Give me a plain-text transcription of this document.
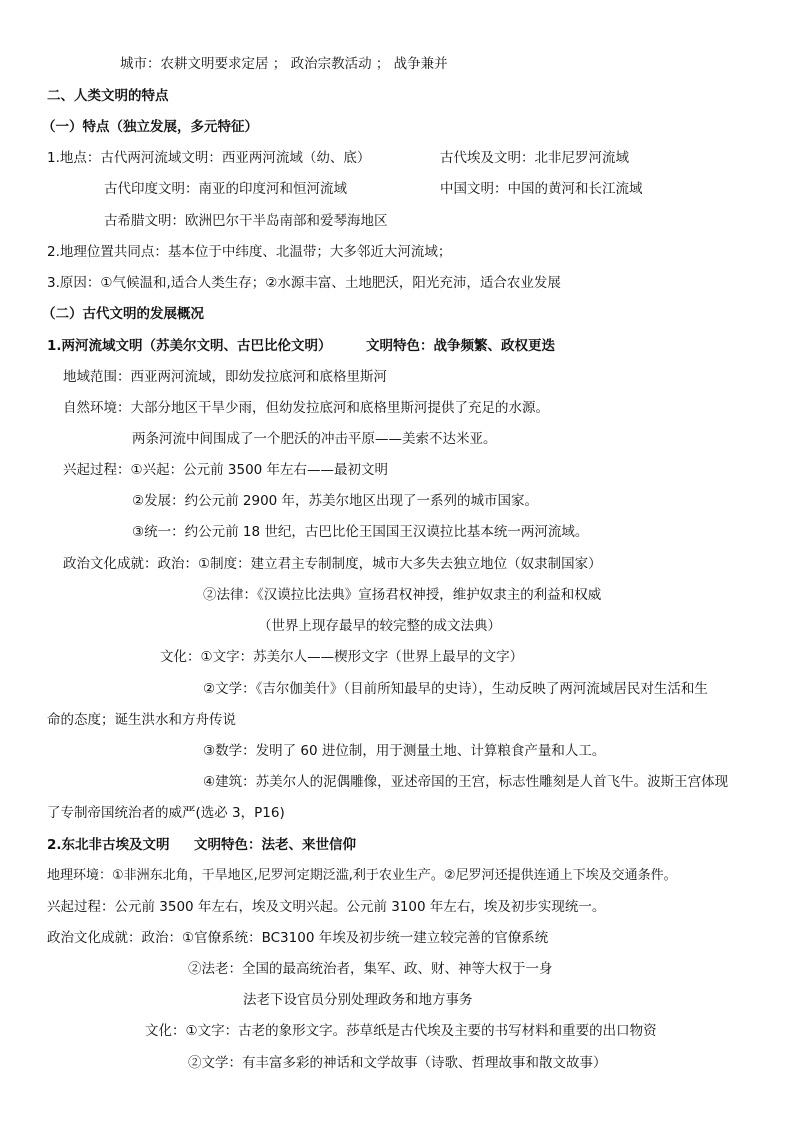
城市：农耕文明要求定居 ； 政治宗教活动 ； 战争兼并
二、人类文明的特点
（一）特点（独立发展，多元特征）
1.地点：古代两河流域文明：西亚两河流域（幼、底）	古代埃及文明：北非尼罗河流域
古代印度文明：南亚的印度河和恒河流域	中国文明：中国的黄河和长江流域
古希腊文明：欧洲巴尔干半岛南部和爱琴海地区
2.地理位置共同点：基本位于中纬度、北温带；大多邻近大河流域；
3.原因：①气候温和,适合人类生存；②水源丰富、土地肥沃，阳光充沛，适合农业发展
（二）古代文明的发展概况
1.两河流域文明（苏美尔文明、古巴比伦文明）	文明特色：战争频繁、政权更迭
地域范围：西亚两河流域，即幼发拉底河和底格里斯河
自然环境：大部分地区干旱少雨，但幼发拉底河和底格里斯河提供了充足的水源。
两条河流中间围成了一个肥沃的冲击平原——美索不达米亚。
兴起过程：①兴起：公元前 3500 年左右——最初文明
②发展：约公元前 2900 年，苏美尔地区出现了一系列的城市国家。
③统一：约公元前 18 世纪，古巴比伦王国国王汉谟拉比基本统一两河流域。
政治文化成就：政治：①制度：建立君主专制制度，城市大多失去独立地位（奴隶制国家）
②法律：《汉谟拉比法典》宣扬君权神授，维护奴隶主的利益和权威
（世界上现存最早的较完整的成文法典）
文化：①文字：苏美尔人——楔形文字（世界上最早的文字）
②文学：《吉尔伽美什》（目前所知最早的史诗），生动反映了两河流域居民对生活和生
命的态度；诞生洪水和方舟传说
③数学：发明了 60 进位制，用于测量土地、计算粮食产量和人工。
④建筑：苏美尔人的泥偶雕像，亚述帝国的王宫，标志性雕刻是人首飞牛。波斯王宫体现
了专制帝国统治者的威严(选必 3，P16)
2.东北非古埃及文明 文明特色：法老、来世信仰
地理环境：①非洲东北角，干旱地区,尼罗河定期泛滥,利于农业生产。②尼罗河还提供连通上下埃及交通条件。
兴起过程：公元前 3500 年左右，埃及文明兴起。公元前 3100 年左右，埃及初步实现统一。
政治文化成就：政治：①官僚系统：BC3100 年埃及初步统一建立较完善的官僚系统
②法老：全国的最高统治者，集军、政、财、神等大权于一身
法老下设官员分别处理政务和地方事务
文化：①文字：古老的象形文字。莎草纸是古代埃及主要的书写材料和重要的出口物资
②文学：有丰富多彩的神话和文学故事（诗歌、哲理故事和散文故事）
